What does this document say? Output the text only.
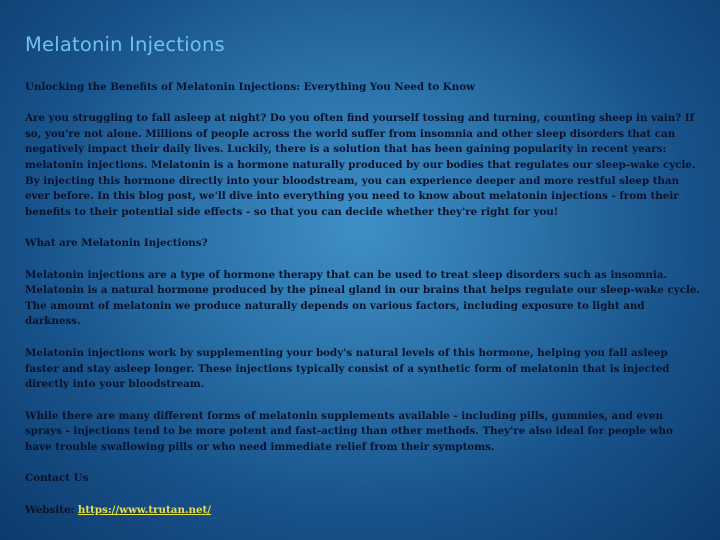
Melatonin Injections

Unlocking the Benefits of Melatonin Injections: Everything You Need to Know

Are you struggling to fall asleep at night? Do you often find yourself tossing and turning, counting sheep in vain? If so, you're not alone. Millions of people across the world suffer from insomnia and other sleep disorders that can negatively impact their daily lives. Luckily, there is a solution that has been gaining popularity in recent years: melatonin injections. Melatonin is a hormone naturally produced by our bodies that regulates our sleep-wake cycle. By injecting this hormone directly into your bloodstream, you can experience deeper and more restful sleep than ever before. In this blog post, we'll dive into everything you need to know about melatonin injections - from their benefits to their potential side effects - so that you can decide whether they're right for you!

What are Melatonin Injections?

Melatonin injections are a type of hormone therapy that can be used to treat sleep disorders such as insomnia. Melatonin is a natural hormone produced by the pineal gland in our brains that helps regulate our sleep-wake cycle. The amount of melatonin we produce naturally depends on various factors, including exposure to light and darkness.

Melatonin injections work by supplementing your body's natural levels of this hormone, helping you fall asleep faster and stay asleep longer. These injections typically consist of a synthetic form of melatonin that is injected directly into your bloodstream.

While there are many different forms of melatonin supplements available - including pills, gummies, and even sprays - injections tend to be more potent and fast-acting than other methods. They're also ideal for people who have trouble swallowing pills or who need immediate relief from their symptoms.

Contact Us

Website: https://www.trutan.net/
